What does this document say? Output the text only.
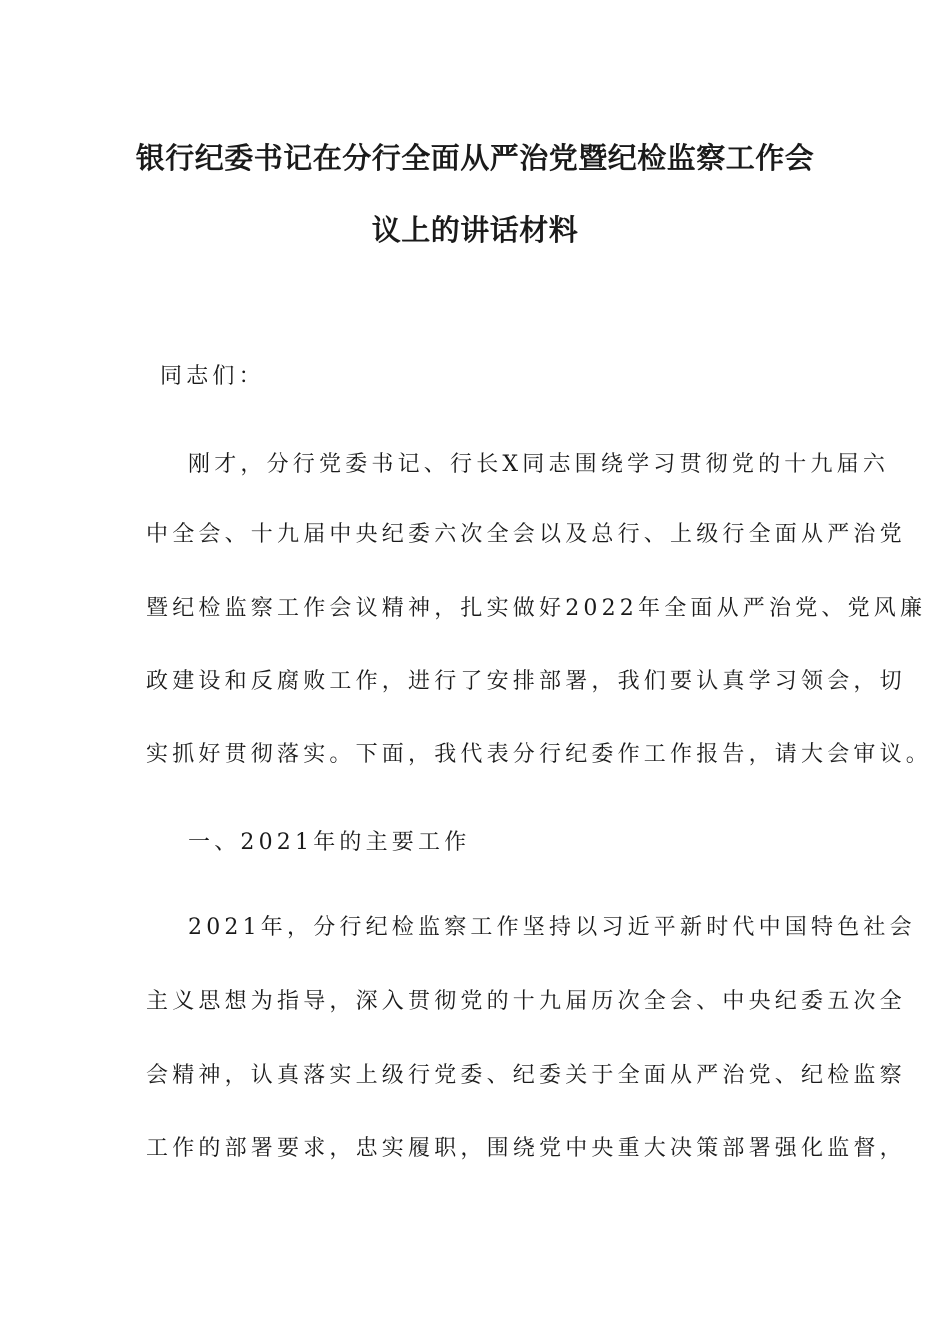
银行纪委书记在分行全面从严治党暨纪检监察工作会
议上的讲话材料
同志们：
刚才，分行党委书记、行长X同志围绕学习贯彻党的十九届六
中全会、十九届中央纪委六次全会以及总行、上级行全面从严治党
暨纪检监察工作会议精神，扎实做好2022年全面从严治党、党风廉
政建设和反腐败工作，进行了安排部署，我们要认真学习领会，切
实抓好贯彻落实。下面，我代表分行纪委作工作报告，请大会审议。
一、2021年的主要工作
2021年，分行纪检监察工作坚持以习近平新时代中国特色社会
主义思想为指导，深入贯彻党的十九届历次全会、中央纪委五次全
会精神，认真落实上级行党委、纪委关于全面从严治党、纪检监察
工作的部署要求，忠实履职，围绕党中央重大决策部署强化监督，
